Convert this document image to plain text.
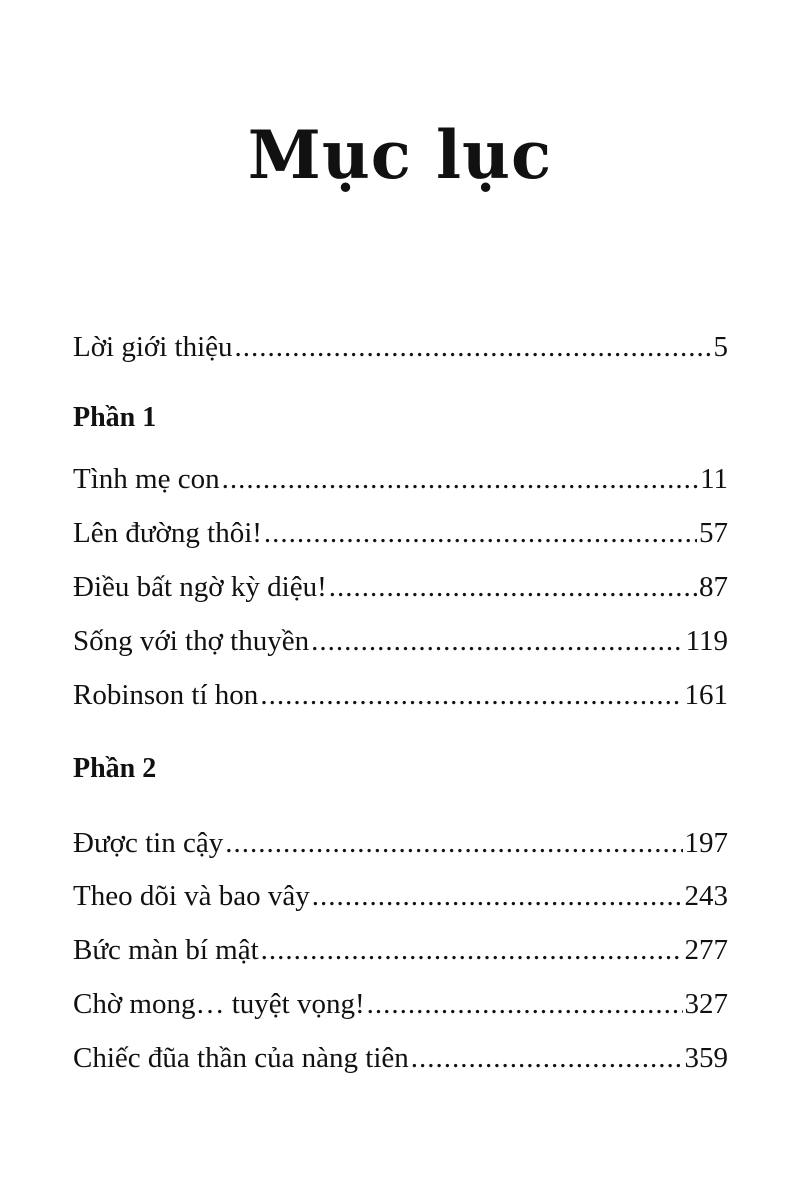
Mục lục
Lời giới thiệu .....	5
Phần 1
Tình mẹ con .....	11
Lên đường thôi! .....	57
Điều bất ngờ kỳ diệu! .....	87
Sống với thợ thuyền .....	119
Robinson tí hon .....	161
Phần 2
Được tin cậy .....	197
Theo dõi và bao vây .....	243
Bức màn bí mật .....	277
Chờ mong… tuyệt vọng! .....	327
Chiếc đũa thần của nàng tiên .....	359
